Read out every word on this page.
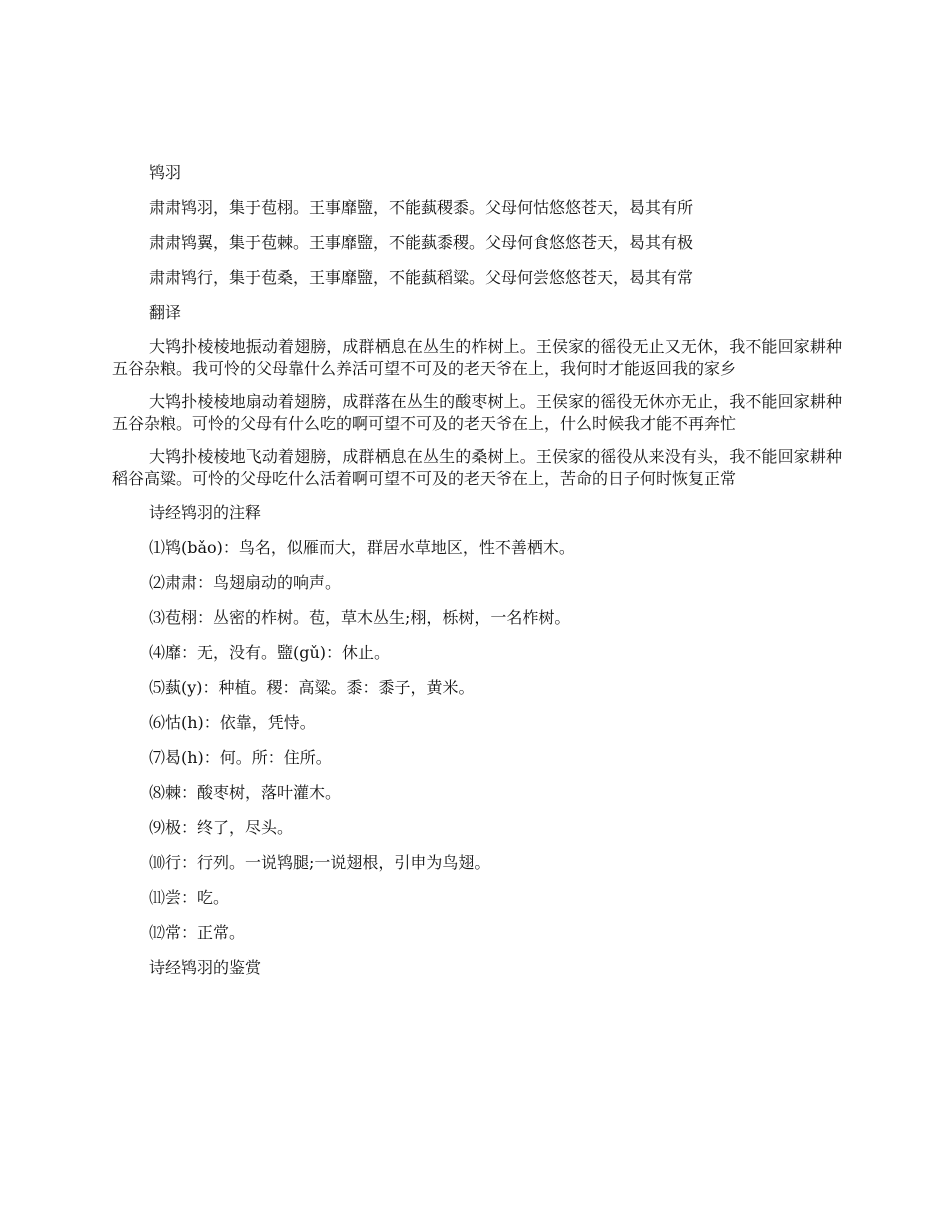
鸨羽
肃肃鸨羽，集于苞栩。王事靡盬，不能蓺稷黍。父母何怙悠悠苍天，曷其有所
肃肃鸨翼，集于苞棘。王事靡盬，不能蓺黍稷。父母何食悠悠苍天，曷其有极
肃肃鸨行，集于苞桑，王事靡盬，不能蓺稻粱。父母何尝悠悠苍天，曷其有常
翻译

大鸨扑棱棱地振动着翅膀，成群栖息在丛生的柞树上。王侯家的徭役无止又无休，我不能回家耕种五谷杂粮。我可怜的父母靠什么养活可望不可及的老天爷在上，我何时才能返回我的家乡

大鸨扑棱棱地扇动着翅膀，成群落在丛生的酸枣树上。王侯家的徭役无休亦无止，我不能回家耕种五谷杂粮。可怜的父母有什么吃的啊可望不可及的老天爷在上，什么时候我才能不再奔忙

大鸨扑棱棱地飞动着翅膀，成群栖息在丛生的桑树上。王侯家的徭役从来没有头，我不能回家耕种稻谷高粱。可怜的父母吃什么活着啊可望不可及的老天爷在上，苦命的日子何时恢复正常

诗经鸨羽的注释
⑴鸨(bǎo)：鸟名，似雁而大，群居水草地区，性不善栖木。
⑵肃肃：鸟翅扇动的响声。
⑶苞栩：丛密的柞树。苞，草木丛生;栩，栎树，一名柞树。
⑷靡：无，没有。盬(gǔ)：休止。
⑸蓺(y)：种植。稷：高粱。黍：黍子，黄米。
⑹怙(h)：依靠，凭恃。
⑺曷(h)：何。所：住所。
⑻棘：酸枣树，落叶灌木。
⑼极：终了，尽头。
⑽行：行列。一说鸨腿;一说翅根，引申为鸟翅。
⑾尝：吃。
⑿常：正常。
诗经鸨羽的鉴赏
